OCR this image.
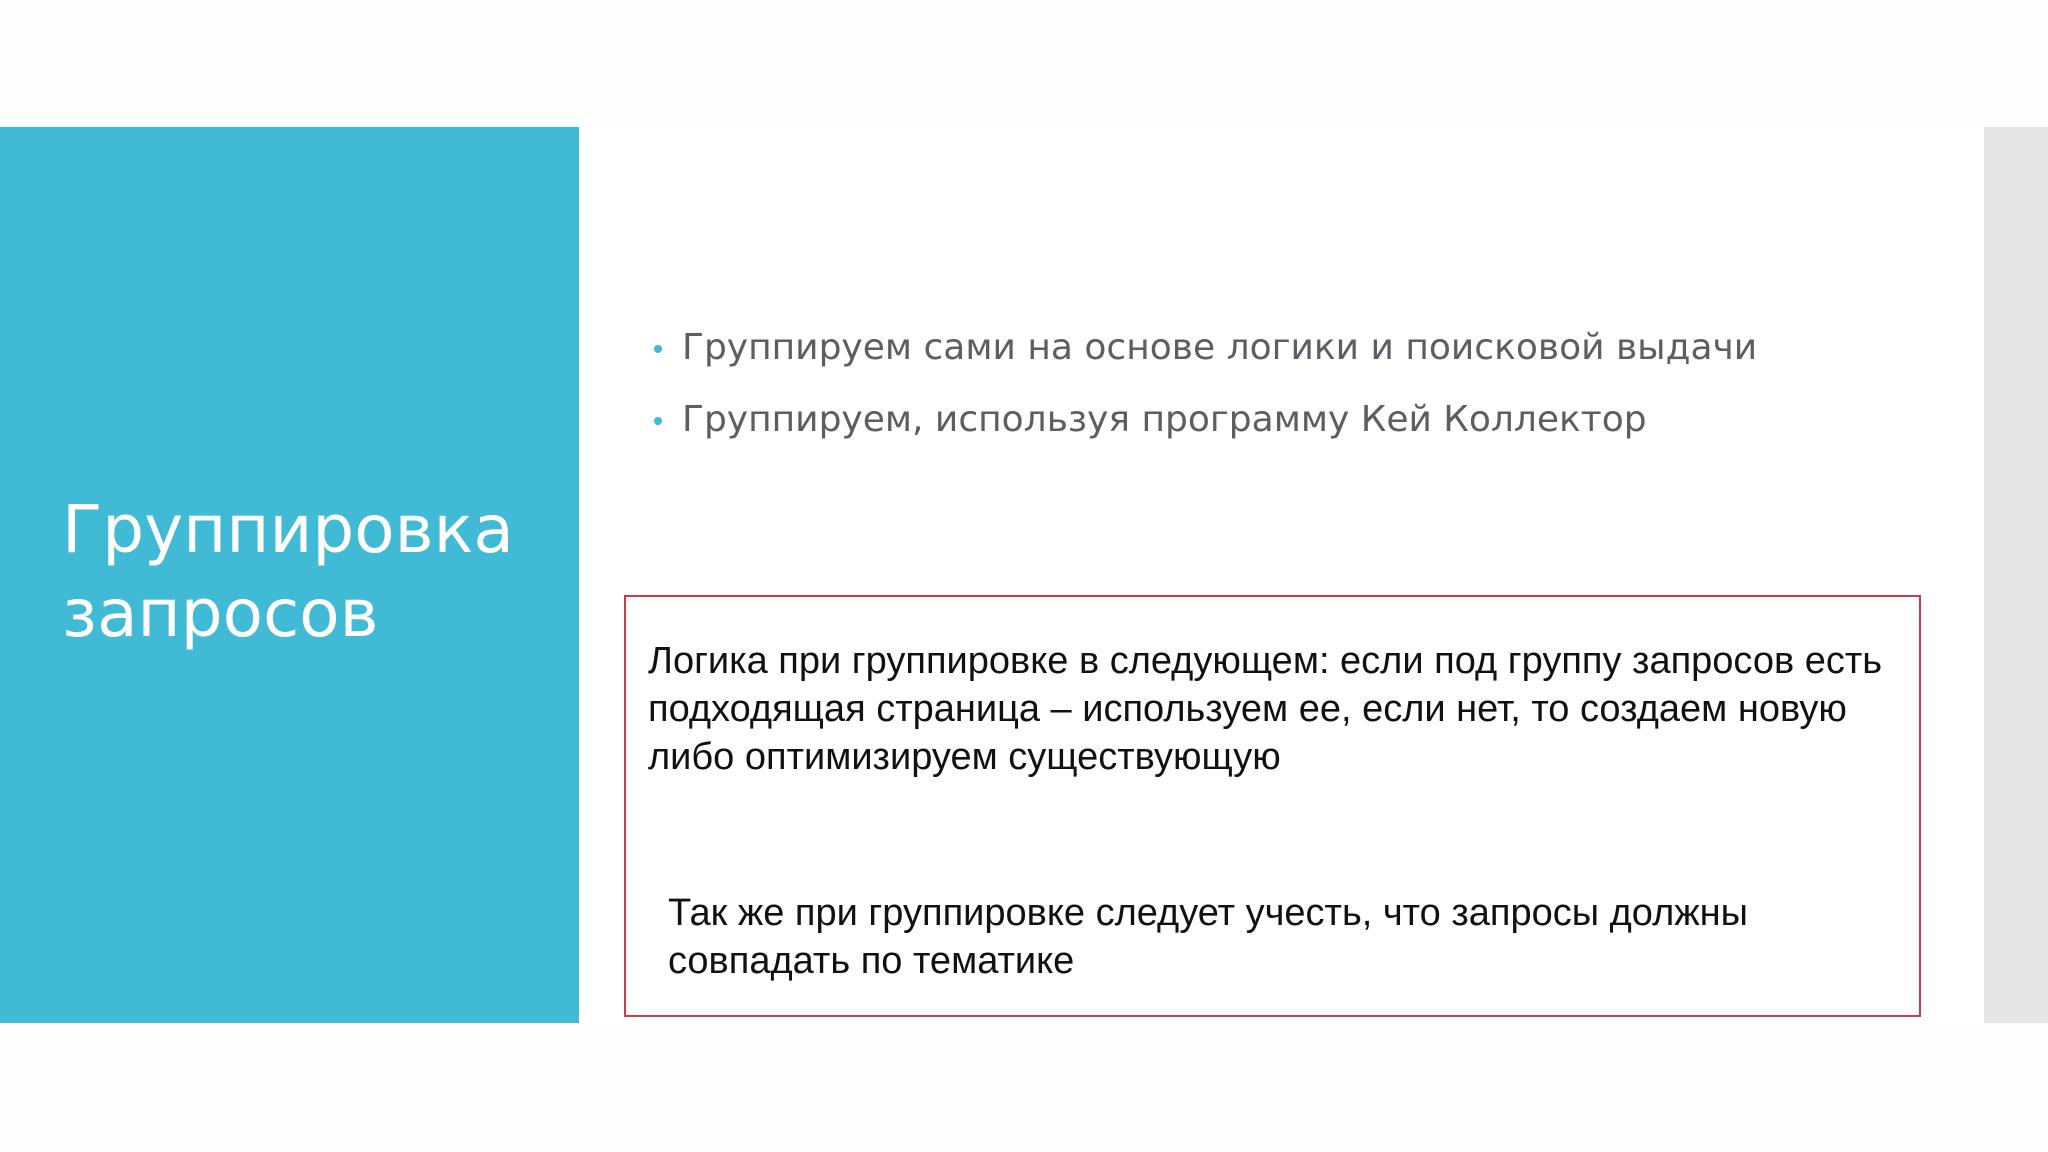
Группировка
запросов
Группируем сами на основе логики и поисковой выдачи
Группируем, используя программу Кей Коллектор

Логика при группировке в следующем: если под группу запросов есть подходящая страница – используем ее, если нет, то создаем новую либо оптимизируем существующую

Так же при группировке следует учесть, что запросы должны совпадать по тематике
